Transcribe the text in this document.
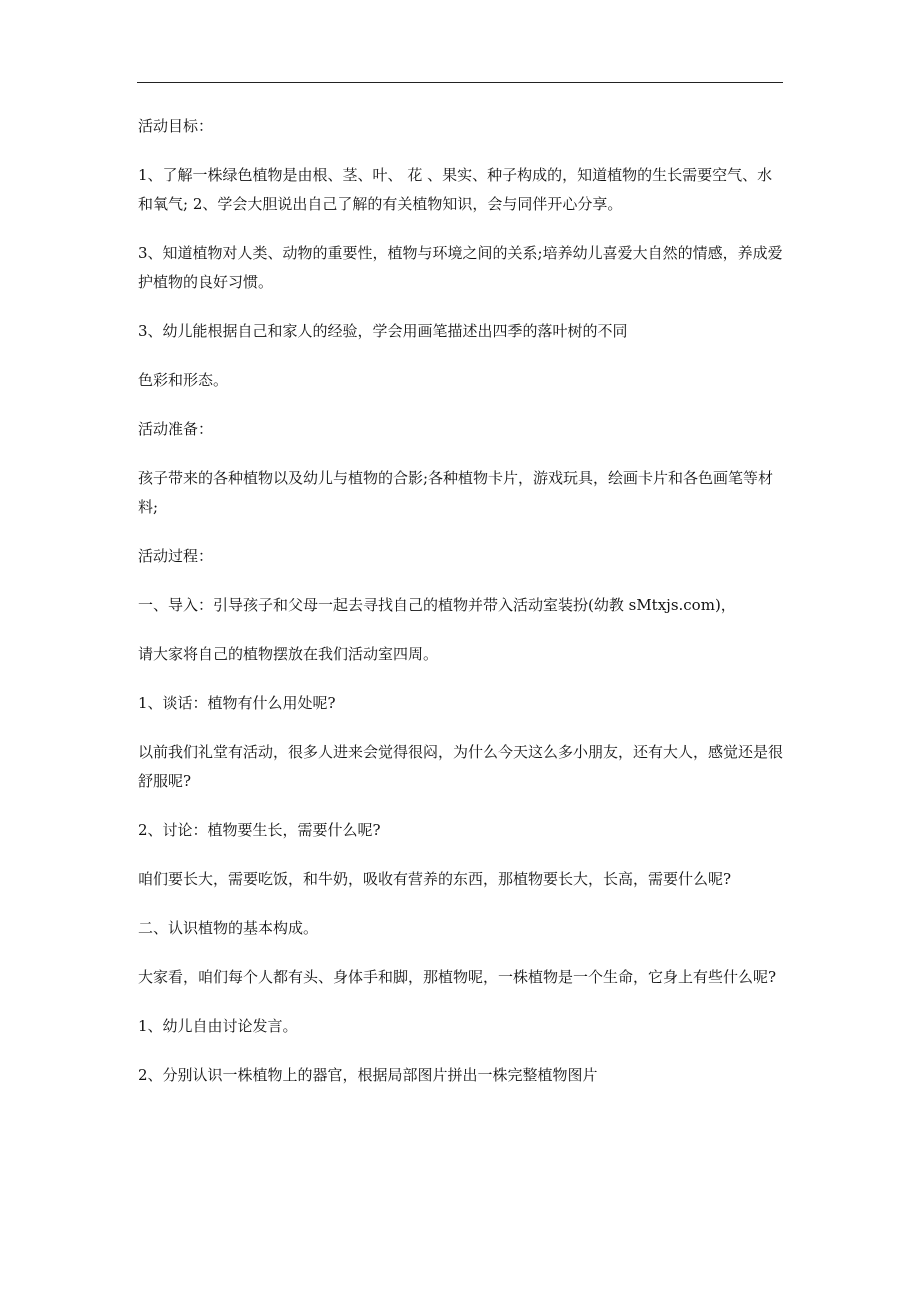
活动目标：

1、了解一株绿色植物是由根、茎、叶、 花 、果实、种子构成的，知道植物的生长需要空气、水和氧气; 2、学会大胆说出自己了解的有关植物知识，会与同伴开心分享。

3、知道植物对人类、动物的重要性，植物与环境之间的关系;培养幼儿喜爱大自然的情感，养成爱护植物的良好习惯。

3、幼儿能根据自己和家人的经验，学会用画笔描述出四季的落叶树的不同

色彩和形态。

活动准备：

孩子带来的各种植物以及幼儿与植物的合影;各种植物卡片，游戏玩具，绘画卡片和各色画笔等材料;

活动过程：

一、导入：引导孩子和父母一起去寻找自己的植物并带入活动室装扮(幼教 sMtxjs.com)，

请大家将自己的植物摆放在我们活动室四周。

1、谈话：植物有什么用处呢?

以前我们礼堂有活动，很多人进来会觉得很闷，为什么今天这么多小朋友，还有大人，感觉还是很舒服呢?

2、讨论：植物要生长，需要什么呢?

咱们要长大，需要吃饭，和牛奶，吸收有营养的东西，那植物要长大，长高，需要什么呢?

二、认识植物的基本构成。

大家看，咱们每个人都有头、身体手和脚，那植物呢，一株植物是一个生命，它身上有些什么呢?

1、幼儿自由讨论发言。

2、分别认识一株植物上的器官，根据局部图片拼出一株完整植物图片
